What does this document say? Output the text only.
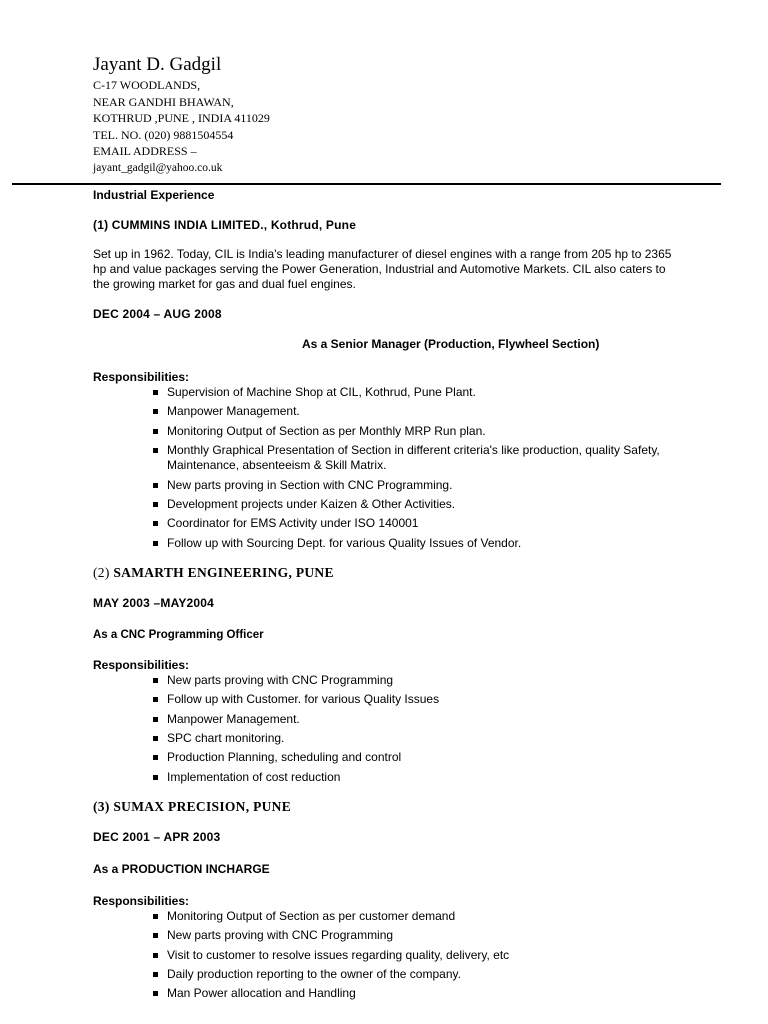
Jayant D. Gadgil
C-17 WOODLANDS,
NEAR GANDHI BHAWAN,
KOTHRUD ,PUNE , INDIA 411029
TEL. NO. (020) 9881504554
EMAIL ADDRESS –
jayant_gadgil@yahoo.co.uk
Industrial Experience
(1) CUMMINS INDIA LIMITED., Kothrud, Pune
Set up in 1962. Today, CIL is India's leading manufacturer of diesel engines with a range from 205 hp to 2365 hp and value packages serving the Power Generation, Industrial and Automotive Markets. CIL also caters to the growing market for gas and dual fuel engines.
DEC 2004 – AUG 2008
As a Senior Manager (Production, Flywheel Section)
Responsibilities:
Supervision of Machine Shop at CIL, Kothrud, Pune Plant.
Manpower Management.
Monitoring Output of Section as per Monthly MRP Run plan.
Monthly Graphical Presentation of Section in different criteria's like production, quality Safety, Maintenance, absenteeism & Skill Matrix.
New parts proving in Section with CNC Programming.
Development projects under Kaizen & Other Activities.
Coordinator for EMS Activity under ISO 140001
Follow up with Sourcing Dept. for various Quality Issues of Vendor.
(2) SAMARTH ENGINEERING, PUNE
MAY 2003 –MAY2004
As a CNC Programming Officer
Responsibilities:
New parts proving with CNC Programming
Follow up with Customer. for various Quality Issues
Manpower Management.
SPC chart monitoring.
Production Planning, scheduling and control
Implementation of cost reduction
(3) SUMAX PRECISION, PUNE
DEC 2001 – APR 2003
As a PRODUCTION INCHARGE
Responsibilities:
Monitoring Output of Section as per customer demand
New parts proving with CNC Programming
Visit to customer to resolve issues regarding quality, delivery, etc
Daily production reporting to the owner of the company.
Man Power allocation and Handling
